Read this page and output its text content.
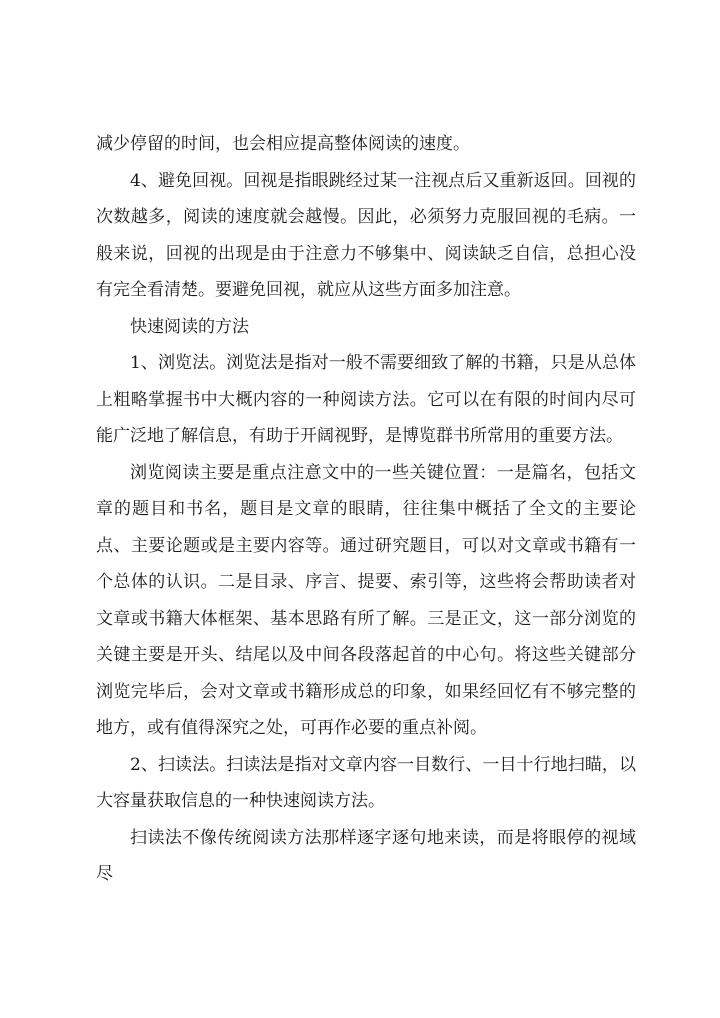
减少停留的时间，也会相应提高整体阅读的速度。

4、避免回视。回视是指眼跳经过某一注视点后又重新返回。回视的次数越多，阅读的速度就会越慢。因此，必须努力克服回视的毛病。一般来说，回视的出现是由于注意力不够集中、阅读缺乏自信，总担心没有完全看清楚。要避免回视，就应从这些方面多加注意。

快速阅读的方法

1、浏览法。浏览法是指对一般不需要细致了解的书籍，只是从总体上粗略掌握书中大概内容的一种阅读方法。它可以在有限的时间内尽可能广泛地了解信息，有助于开阔视野，是博览群书所常用的重要方法。

浏览阅读主要是重点注意文中的一些关键位置：一是篇名，包括文章的题目和书名，题目是文章的眼睛，往往集中概括了全文的主要论点、主要论题或是主要内容等。通过研究题目，可以对文章或书籍有一个总体的认识。二是目录、序言、提要、索引等，这些将会帮助读者对文章或书籍大体框架、基本思路有所了解。三是正文，这一部分浏览的关键主要是开头、结尾以及中间各段落起首的中心句。将这些关键部分浏览完毕后，会对文章或书籍形成总的印象，如果经回忆有不够完整的地方，或有值得深究之处，可再作必要的重点补阅。

2、扫读法。扫读法是指对文章内容一目数行、一目十行地扫瞄，以大容量获取信息的一种快速阅读方法。

扫读法不像传统阅读方法那样逐字逐句地来读，而是将眼停的视域尽
